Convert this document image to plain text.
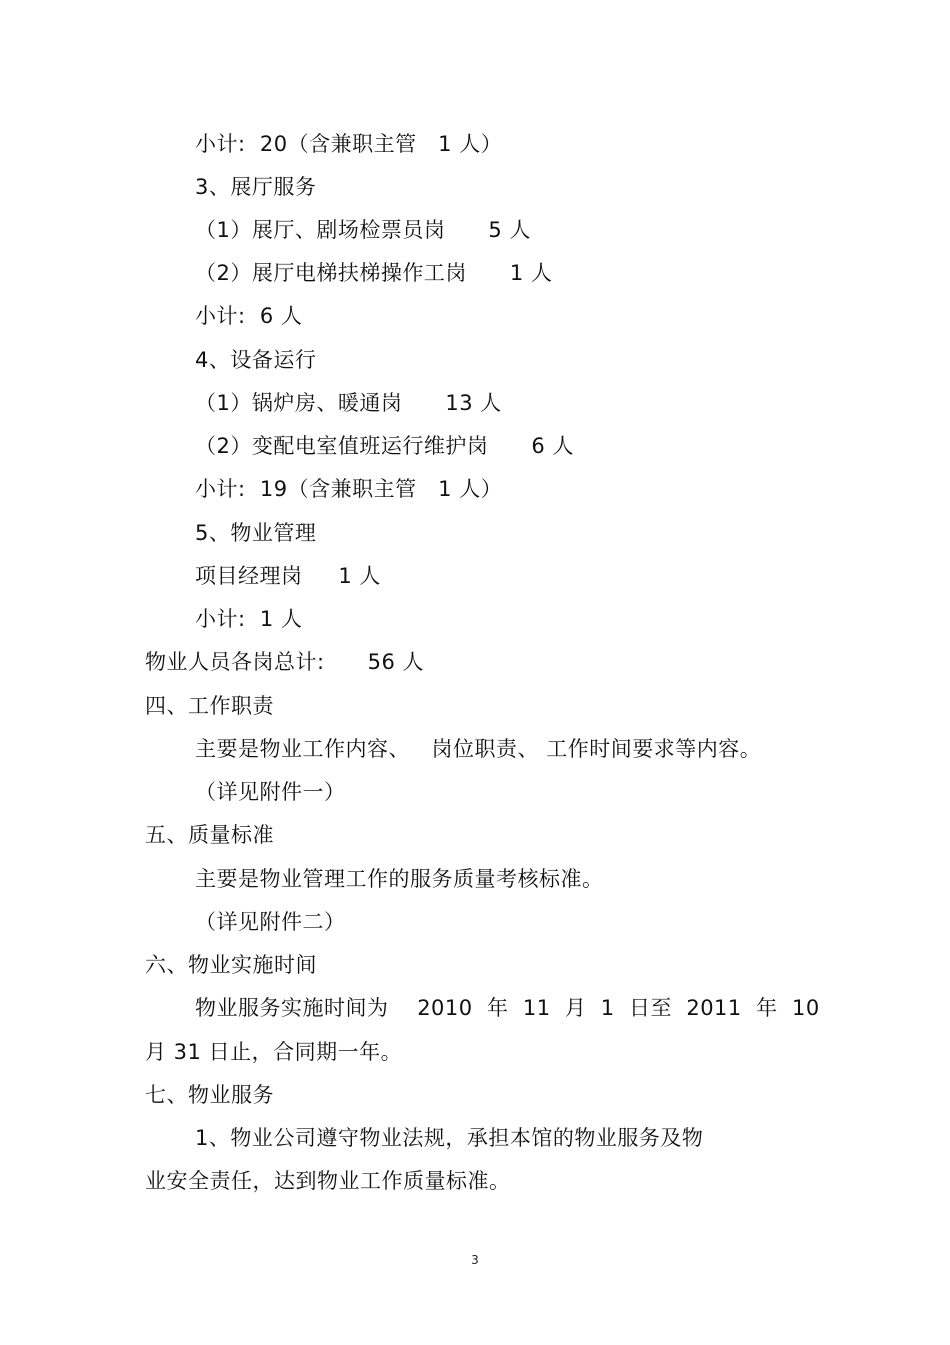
小计:  20（含兼职主管   1 人）
3、展厅服务
（1）展厅、剧场检票员岗      5 人
（2）展厅电梯扶梯操作工岗      1 人
小计:  6 人
4、设备运行
（1）锅炉房、暖通岗      13 人
（2）变配电室值班运行维护岗      6 人
小计:  19（含兼职主管   1 人）
5、物业管理
项目经理岗     1 人
小计:  1 人
物业人员各岗总计:      56 人
四、工作职责
主要是物业工作内容、   岗位职责、 工作时间要求等内容。
（详见附件一）
五、质量标准
主要是物业管理工作的服务质量考核标准。
（详见附件二）
六、物业实施时间
物业服务实施时间为    2010  年  11  月  1  日至  2011  年  10
月 31 日止，合同期一年。
七、物业服务
1、物业公司遵守物业法规，承担本馆的物业服务及物
业安全责任，达到物业工作质量标准。
3
